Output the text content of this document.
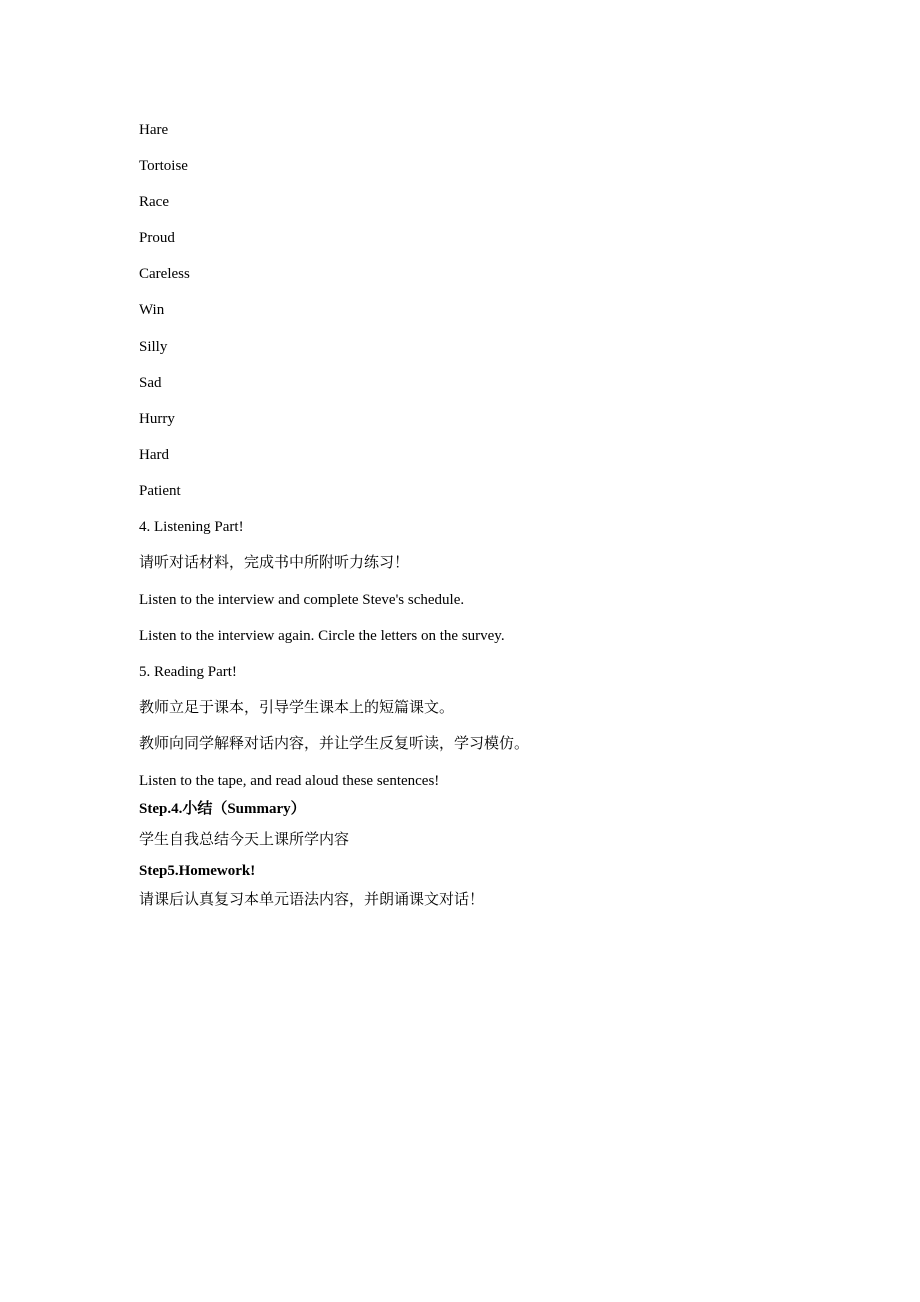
Hare
Tortoise
Race
Proud
Careless
Win
Silly
Sad
Hurry
Hard
Patient
4. Listening Part!
请听对话材料，完成书中所附听力练习！
Listen to the interview and complete Steve's schedule.
Listen to the interview again. Circle the letters on the survey.
5. Reading Part!
教师立足于课本，引导学生课本上的短篇课文。
教师向同学解释对话内容，并让学生反复听读，学习模仿。
Listen to the tape, and read aloud these sentences!
Step.4.小结（Summary）
学生自我总结今天上课所学内容
Step5.Homework!
请课后认真复习本单元语法内容，并朗诵课文对话！
